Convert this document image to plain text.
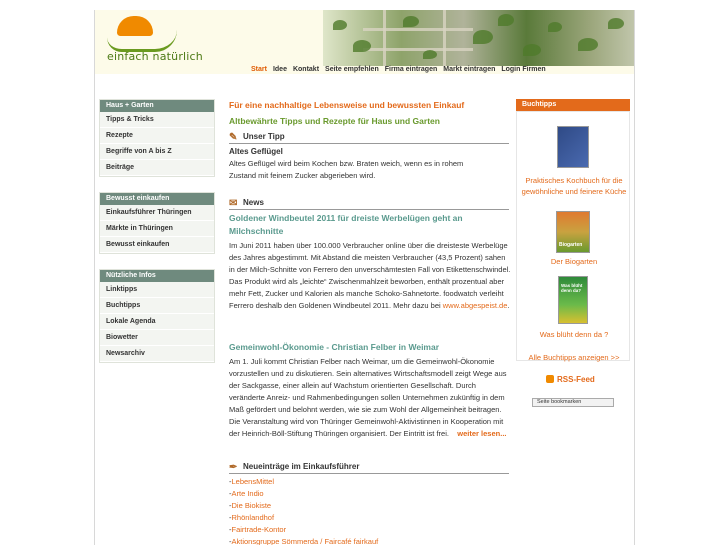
einfach natürlich
Start Idee Kontakt Seite empfehlen Firma eintragen Markt eintragen Login Firmen
Haus + Garten
Tipps & Tricks
Rezepte
Begriffe von A bis Z
Beiträge
Bewusst einkaufen
Einkaufsführer Thüringen
Märkte in Thüringen
Bewusst einkaufen
Nützliche Infos
Linktipps
Buchtipps
Lokale Agenda
Biowetter
Newsarchiv
Für eine nachhaltige Lebensweise und bewussten Einkauf
Altbewährte Tipps und Rezepte für Haus und Garten
✎ Unser Tipp
Altes Geflügel
Altes Geflügel wird beim Kochen bzw. Braten weich, wenn es in rohem Zustand mit feinem Zucker abgerieben wird.
✉ News
Goldener Windbeutel 2011 für dreiste Werbelügen geht an Milchschnitte
Im Juni 2011 haben über 100.000 Verbraucher online über die dreisteste Werbelüge des Jahres abgestimmt. Mit Abstand die meisten Verbraucher (43,5 Prozent) sahen in der Milch-Schnitte von Ferrero den unverschämtesten Fall von Etikettenschwindel. Das Produkt wird als „leichte“ Zwischenmahlzeit beworben, enthält prozentual aber mehr Fett, Zucker und Kalorien als manche Schoko-Sahnetorte. foodwatch verleiht Ferrero deshalb den Goldenen Windbeutel 2011. Mehr dazu bei www.abgespeist.de.
Gemeinwohl-Ökonomie - Christian Felber in Weimar
Am 1. Juli kommt Christian Felber nach Weimar, um die Gemeinwohl-Ökonomie vorzustellen und zu diskutieren. Sein alternatives Wirtschaftsmodell zeigt Wege aus der Sackgasse, einer allein auf Wachstum orientierten Gesellschaft. Durch veränderte Anreiz- und Rahmenbedingungen sollen Unternehmen zukünftig in dem Maß gefördert und belohnt werden, wie sie zum Wohl der Allgemeinheit beitragen. Die Veranstaltung wird von Thüringer Gemeinwohl-Aktivistinnen in Kooperation mit der Heinrich-Böll-Stiftung Thüringen organisiert. Der Eintritt ist frei. weiter lesen...
✒ Neueinträge im Einkaufsführer
-LebensMittel
-Arte Indio
-Die Biokiste
-Rhönlandhof
-Fairtrade-Kontor
-Aktionsgruppe Sömmerda / Faircafé fairkauf
Buchtipps
Praktisches Kochbuch für die gewöhnliche und feinere Küche
Biogarten
Der Biogarten
Was blüht denn da?
Was blüht denn da ?
Alle Buchtipps anzeigen >>
RSS-Feed
Seite bookmarken
